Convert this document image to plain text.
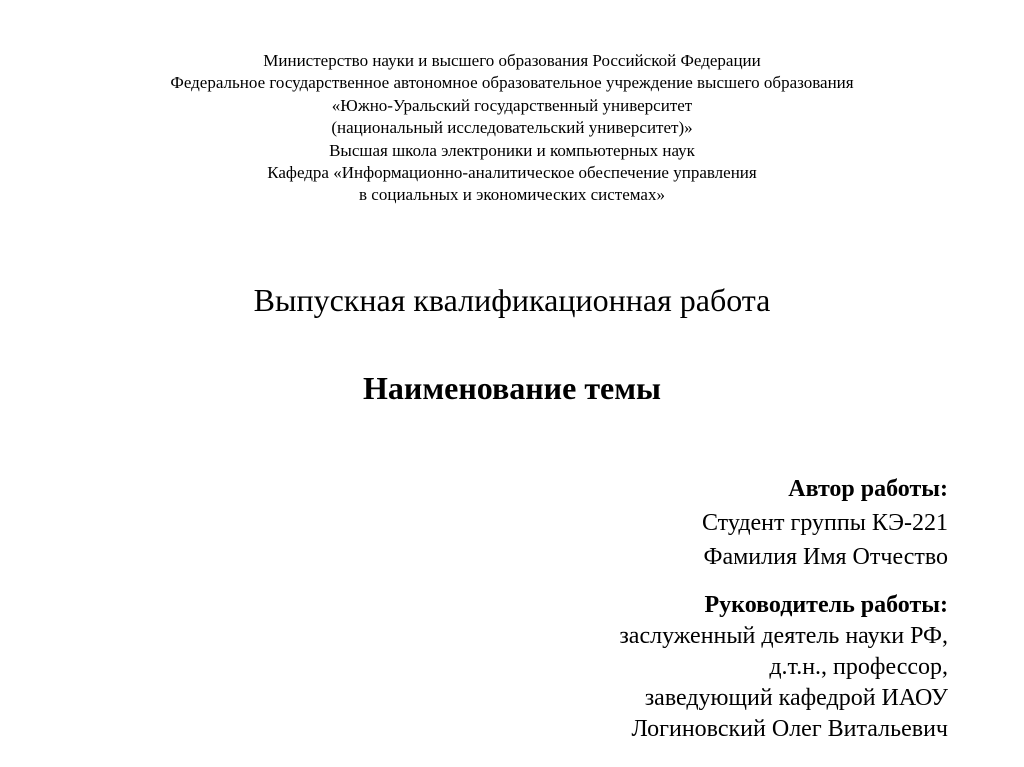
Министерство науки и высшего образования Российской Федерации
Федеральное государственное автономное образовательное учреждение высшего образования
«Южно-Уральский государственный университет
(национальный исследовательский университет)»
Высшая школа электроники и компьютерных наук
Кафедра «Информационно-аналитическое обеспечение управления
в социальных и экономических системах»
Выпускная квалификационная работа
Наименование темы
Автор работы:
Студент группы КЭ-221
Фамилия Имя Отчество
Руководитель работы:
заслуженный деятель науки РФ,
д.т.н., профессор,
заведующий кафедрой ИАОУ
Логиновский Олег Витальевич
